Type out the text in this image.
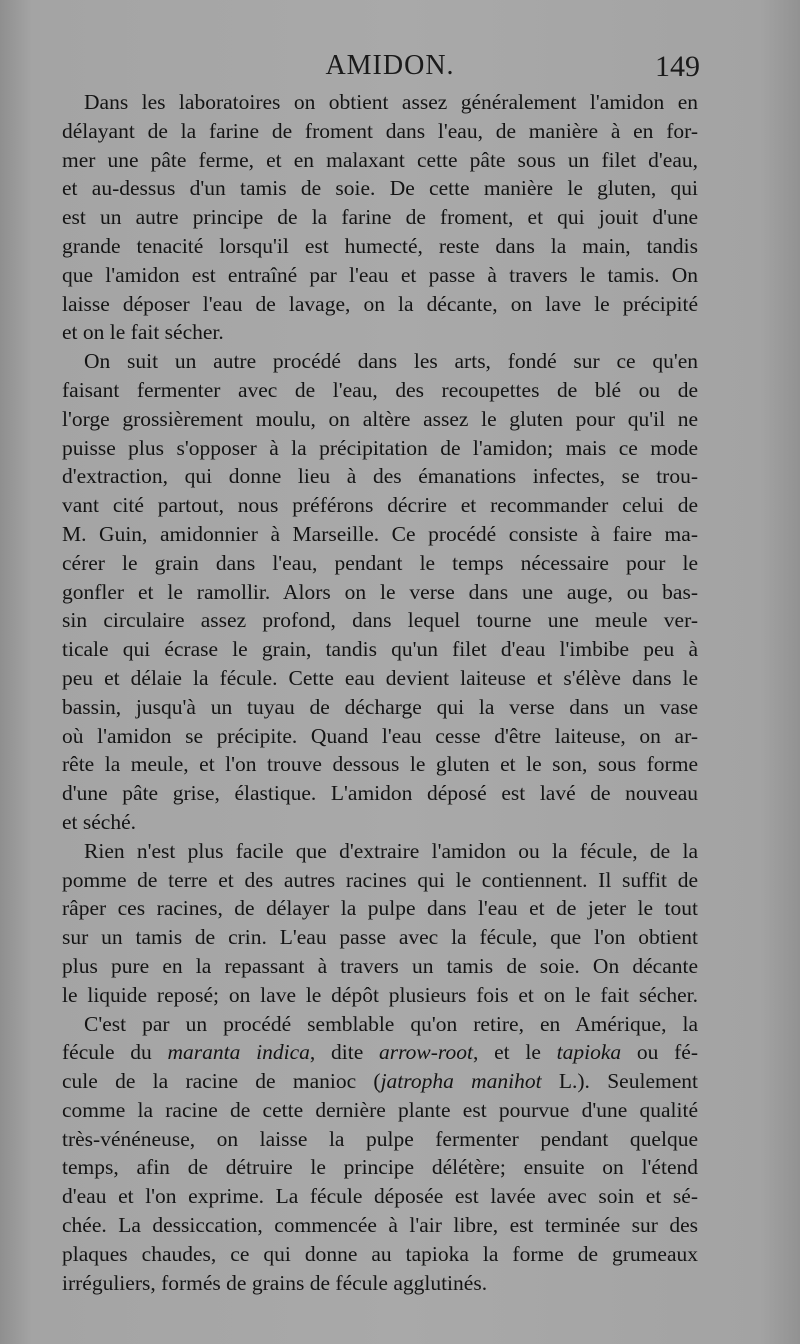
AMIDON.	149

Dans les laboratoires on obtient assez généralement l'amidon en
délayant de la farine de froment dans l'eau, de manière à en for-
mer une pâte ferme, et en malaxant cette pâte sous un filet d'eau,
et au-dessus d'un tamis de soie. De cette manière le gluten, qui
est un autre principe de la farine de froment, et qui jouit d'une
grande tenacité lorsqu'il est humecté, reste dans la main, tandis
que l'amidon est entraîné par l'eau et passe à travers le tamis. On
laisse déposer l'eau de lavage, on la décante, on lave le précipité
et on le fait sécher.

On suit un autre procédé dans les arts, fondé sur ce qu'en
faisant fermenter avec de l'eau, des recoupettes de blé ou de
l'orge grossièrement moulu, on altère assez le gluten pour qu'il ne
puisse plus s'opposer à la précipitation de l'amidon; mais ce mode
d'extraction, qui donne lieu à des émanations infectes, se trou-
vant cité partout, nous préférons décrire et recommander celui de
M. Guin, amidonnier à Marseille. Ce procédé consiste à faire ma-
cérer le grain dans l'eau, pendant le temps nécessaire pour le
gonfler et le ramollir. Alors on le verse dans une auge, ou bas-
sin circulaire assez profond, dans lequel tourne une meule ver-
ticale qui écrase le grain, tandis qu'un filet d'eau l'imbibe peu à
peu et délaie la fécule. Cette eau devient laiteuse et s'élève dans le
bassin, jusqu'à un tuyau de décharge qui la verse dans un vase
où l'amidon se précipite. Quand l'eau cesse d'être laiteuse, on ar-
rête la meule, et l'on trouve dessous le gluten et le son, sous forme
d'une pâte grise, élastique. L'amidon déposé est lavé de nouveau
et séché.

Rien n'est plus facile que d'extraire l'amidon ou la fécule, de la
pomme de terre et des autres racines qui le contiennent. Il suffit de
râper ces racines, de délayer la pulpe dans l'eau et de jeter le tout
sur un tamis de crin. L'eau passe avec la fécule, que l'on obtient
plus pure en la repassant à travers un tamis de soie. On décante
le liquide reposé; on lave le dépôt plusieurs fois et on le fait sécher.

C'est par un procédé semblable qu'on retire, en Amérique, la
fécule du maranta indica, dite arrow-root, et le tapioka ou fé-
cule de la racine de manioc (jatropha manihot L.). Seulement
comme la racine de cette dernière plante est pourvue d'une qualité
très-vénéneuse, on laisse la pulpe fermenter pendant quelque
temps, afin de détruire le principe délétère; ensuite on l'étend
d'eau et l'on exprime. La fécule déposée est lavée avec soin et sé-
chée. La dessiccation, commencée à l'air libre, est terminée sur des
plaques chaudes, ce qui donne au tapioka la forme de grumeaux
irréguliers, formés de grains de fécule agglutinés.
